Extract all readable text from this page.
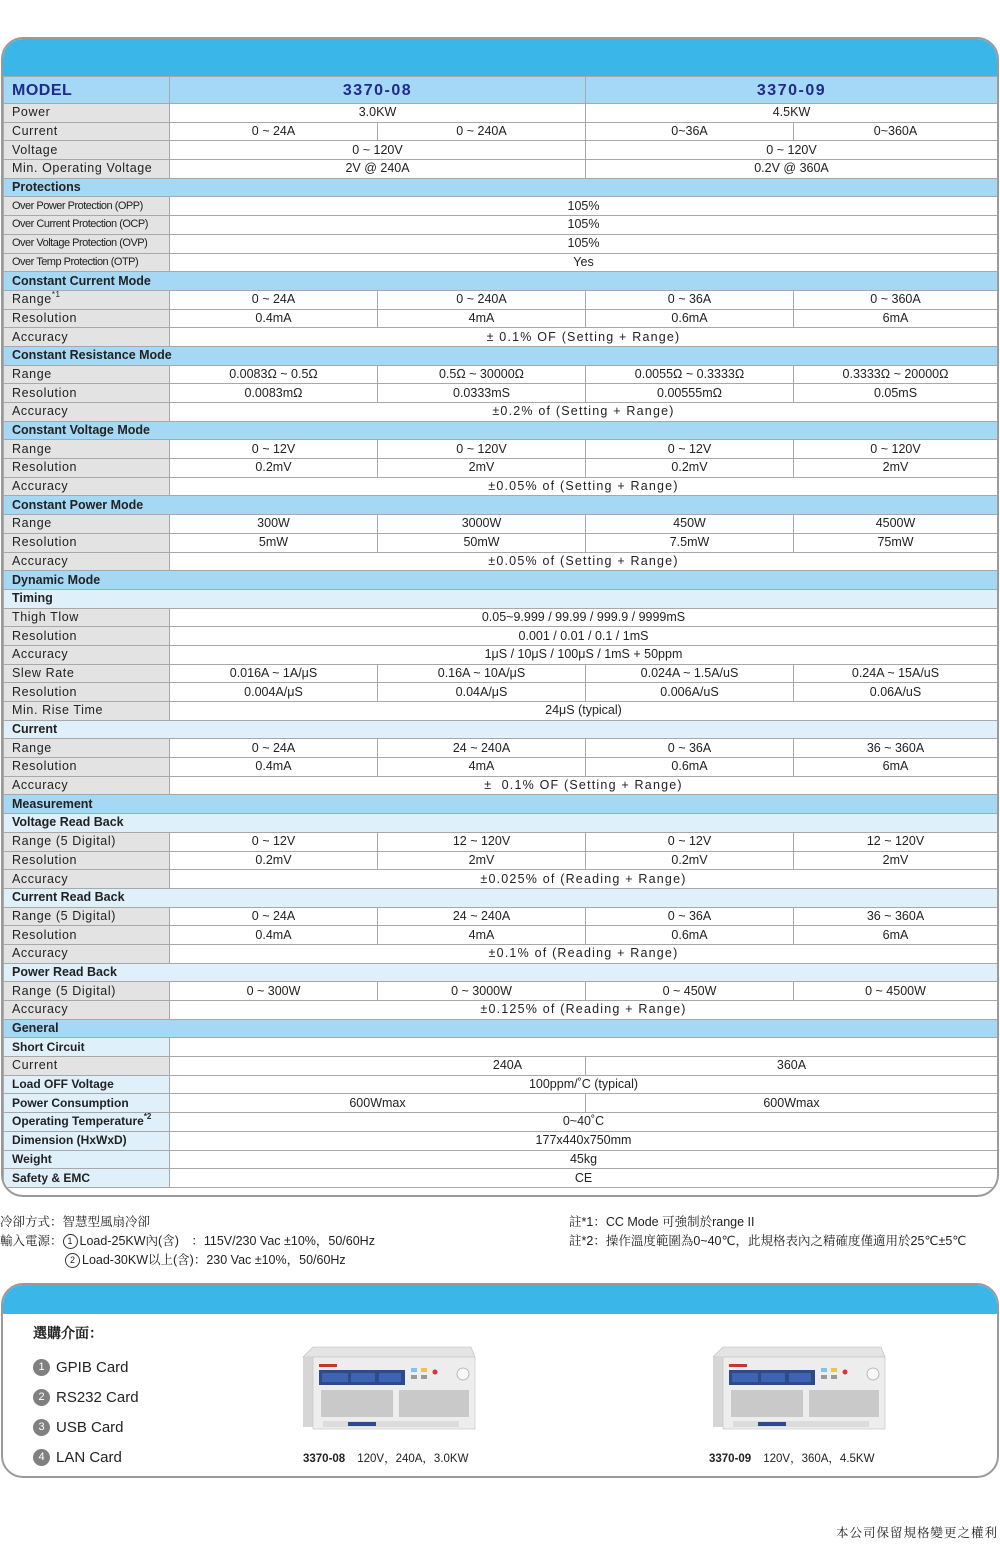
MODEL	3370-08		3370-09	
Power	3.0KW		4.5KW	
Current	0 ~ 24A	0 ~ 240A	0~36A	0~360A
Voltage	0 ~ 120V		0 ~ 120V	
Min. Operating Voltage	2V @ 240A		0.2V @ 360A	
Protections				
Over Power Protection (OPP)	105%			
Over Current Protection (OCP)	105%			
Over Voltage Protection (OVP)	105%			
Over Temp Protection (OTP)	Yes			
Constant Current Mode				
Range$^{*1}$	0 ~ 24A	0 ~ 240A	0 ~ 36A	0 ~ 360A
Resolution	0.4mA	4mA	0.6mA	6mA
Accuracy	± 0.1% OF (Setting + Range)			
Constant Resistance Mode				
Range	0.0083Ω ~ 0.5Ω	0.5Ω ~ 30000Ω	0.0055Ω ~ 0.3333Ω	0.3333Ω ~ 20000Ω
Resolution	0.0083mΩ	0.0333mS	0.00555mΩ	0.05mS
Accuracy	±0.2% of (Setting + Range)			
Constant Voltage Mode				
Range	0 ~ 12V	0 ~ 120V	0 ~ 12V	0 ~ 120V
Resolution	0.2mV	2mV	0.2mV	2mV
Accuracy	±0.05% of (Setting + Range)			
Constant Power Mode				
Range	300W	3000W	450W	4500W
Resolution	5mW	50mW	7.5mW	75mW
Accuracy	±0.05% of (Setting + Range)			
Dynamic Mode				
Timing				
Thigh Tlow	0.05~9.999 / 99.99 / 999.9 / 9999mS			
Resolution	0.001 / 0.01 / 0.1 / 1mS			
Accuracy	1μS / 10μS / 100μS / 1mS + 50ppm			
Slew Rate	0.016A ~ 1A/μS	0.16A ~ 10A/μS	0.024A ~ 1.5A/uS	0.24A ~ 15A/uS
Resolution	0.004A/μS	0.04A/μS	0.006A/uS	0.06A/uS
Min. Rise Time	24μS (typical)			
Current				
Range	0 ~ 24A	24 ~ 240A	0 ~ 36A	36 ~ 360A
Resolution	0.4mA	4mA	0.6mA	6mA
Accuracy	±  0.1% OF (Setting + Range)			
Measurement				
Voltage Read Back				
Range (5 Digital)	0 ~ 12V	12 ~ 120V	0 ~ 12V	12 ~ 120V
Resolution	0.2mV	2mV	0.2mV	2mV
Accuracy	±0.025% of (Reading + Range)			
Current Read Back				
Range (5 Digital)	0 ~ 24A	24 ~ 240A	0 ~ 36A	36 ~ 360A
Resolution	0.4mA	4mA	0.6mA	6mA
Accuracy	±0.1% of (Reading + Range)			
Power Read Back				
Range (5 Digital)	0 ~ 300W	0 ~ 3000W	0 ~ 450W	0 ~ 4500W
Accuracy	±0.125% of (Reading + Range)			
General				
Short Circuit				
Current	240A		360A	
Load OFF Voltage	100ppm/˚C (typical)			
Power Consumption	600Wmax		600Wmax	
Operating Temperature$^{*2}$	0~40˚C			
Dimension (HxWxD)	177x440x750mm			
Weight	45kg			
Safety & EMC	CE			
冷卻方式：智慧型風扇冷卻
輸入電源： 1 Load-25KW內(含)　：115V/230 Vac ±10%，50/60Hz
2 Load-30KW以上(含)：230 Vac ±10%，50/60Hz
註*1：CC Mode 可強制於range II
註*2：操作溫度範圍為0~40℃，此規格表內之精確度僅適用於25℃±5℃
選購介面：
1 GPIB Card
2 RS232 Card
3 USB Card
4 LAN Card	3370-08 120V，240A，3.0KW	3370-09 120V，360A，4.5KW
本公司保留規格變更之權利
